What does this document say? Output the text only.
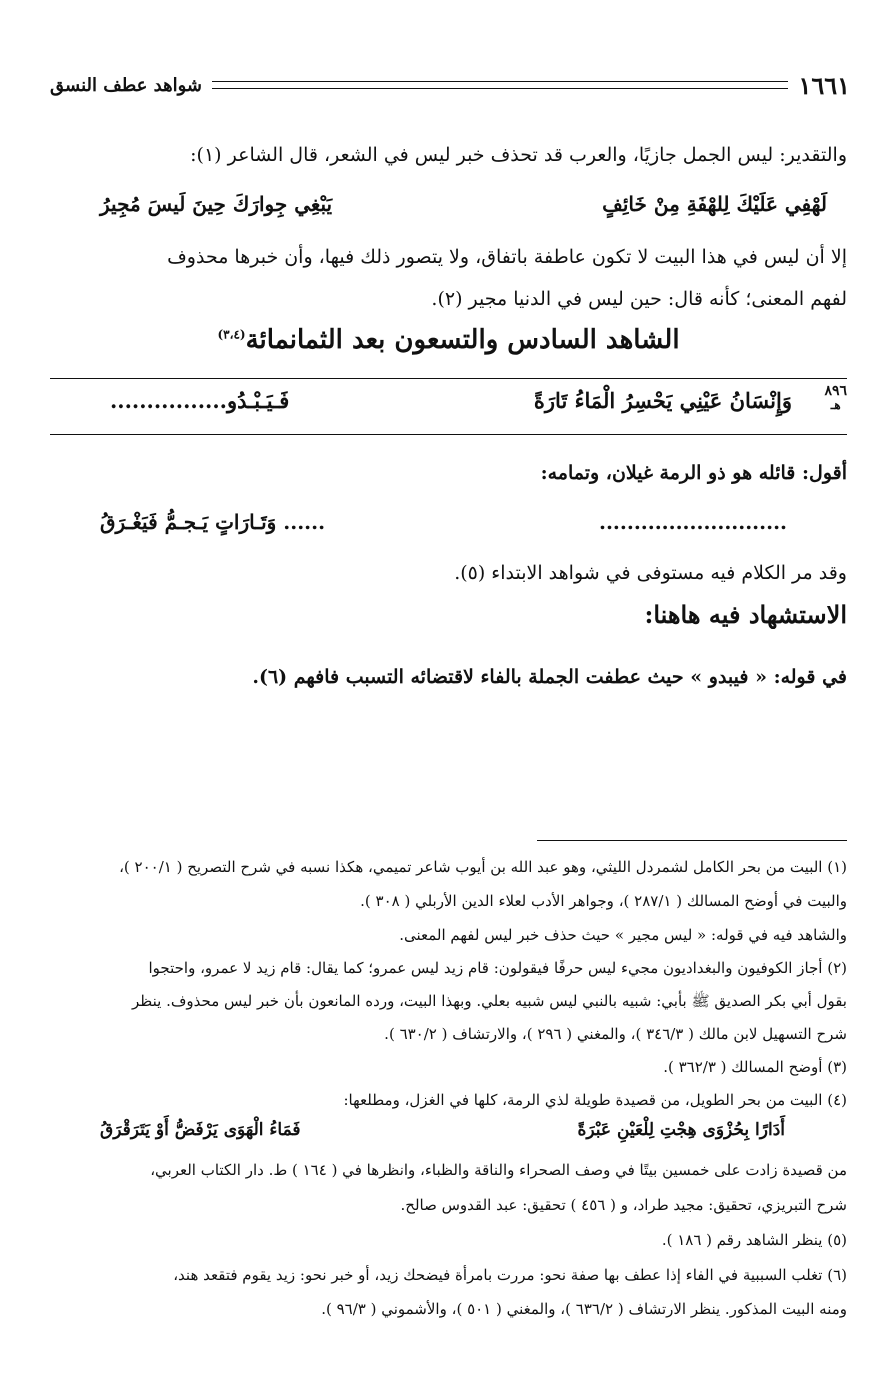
شواهد عطف النسق	١٦٦١
والتقدير: ليس الجمل جازيًا، والعرب قد تحذف خبر ليس في الشعر، قال الشاعر (١):
لَهْفِي عَلَيْكَ لِلهْفَةِ مِنْ خَائِفٍ
يَبْغِي جِوارَكَ حِينَ لَيسَ مُجِيرُ
إلا أن ليس في هذا البيت لا تكون عاطفة باتفاق، ولا يتصور ذلك فيها، وأن خبرها محذوف
لفهم المعنى؛ كأنه قال: حين ليس في الدنيا مجير (٢).
الشاهد السادس والتسعون بعد الثمانمائة$^{(٣،٤)}$
٨٩٦
هـ
وَإِنْسَانُ عَيْنِي يَحْسِرُ الْمَاءُ تَارَةً
فَـيَـبْـدُو................
أقول: قائله هو ذو الرمة غيلان، وتمامه:
...........................
...... وَتَـارَاتٍ يَـجـمُّ فَيَغْـرَقُ
وقد مر الكلام فيه مستوفى في شواهد الابتداء (٥).
الاستشهاد فيه هاهنا:
في قوله: « فيبدو » حيث عطفت الجملة بالفاء لاقتضائه التسبب فافهم (٦).
(١) البيت من بحر الكامل لشمردل الليثي، وهو عبد الله بن أيوب شاعر تميمي، هكذا نسبه في شرح التصريح ( ٢٠٠/١ )،
والبيت في أوضح المسالك ( ٢٨٧/١ )، وجواهر الأدب لعلاء الدين الأربلي ( ٣٠٨ ).
والشاهد فيه في قوله: « ليس مجير » حيث حذف خبر ليس لفهم المعنى.
(٢) أجاز الكوفيون والبغداديون مجيء ليس حرفًا فيقولون: قام زيد ليس عمرو؛ كما يقال: قام زيد لا عمرو، واحتجوا
بقول أبي بكر الصديق ﷺ بأبي: شبيه بالنبي ليس شبيه بعلي. وبهذا البيت، ورده المانعون بأن خبر ليس محذوف. ينظر
شرح التسهيل لابن مالك ( ٣٤٦/٣ )، والمغني ( ٢٩٦ )، والارتشاف ( ٦٣٠/٢ ).
(٣) أوضح المسالك ( ٣٦٢/٣ ).
(٤) البيت من بحر الطويل، من قصيدة طويلة لذي الرمة، كلها في الغزل، ومطلعها:
أَدَارًا بِحُزْوَى هِجْتِ لِلْعَيْنِ عَبْرَةً
فَمَاءُ الْهَوَى يَرْفَضُّ أَوْ يَتَرَقْرَقُ
من قصيدة زادت على خمسين بيتًا في وصف الصحراء والناقة والظباء، وانظرها في ( ١٦٤ ) ط. دار الكتاب العربي،
شرح التبريزي، تحقيق: مجيد طراد، و ( ٤٥٦ ) تحقيق: عبد القدوس صالح.
(٥) ينظر الشاهد رقم ( ١٨٦ ).
(٦) تغلب السببية في الفاء إذا عطف بها صفة نحو: مررت بامرأة فيضحك زيد، أو خبر نحو: زيد يقوم فتقعد هند،
ومنه البيت المذكور. ينظر الارتشاف ( ٦٣٦/٢ )، والمغني ( ٥٠١ )، والأشموني ( ٩٦/٣ ).
